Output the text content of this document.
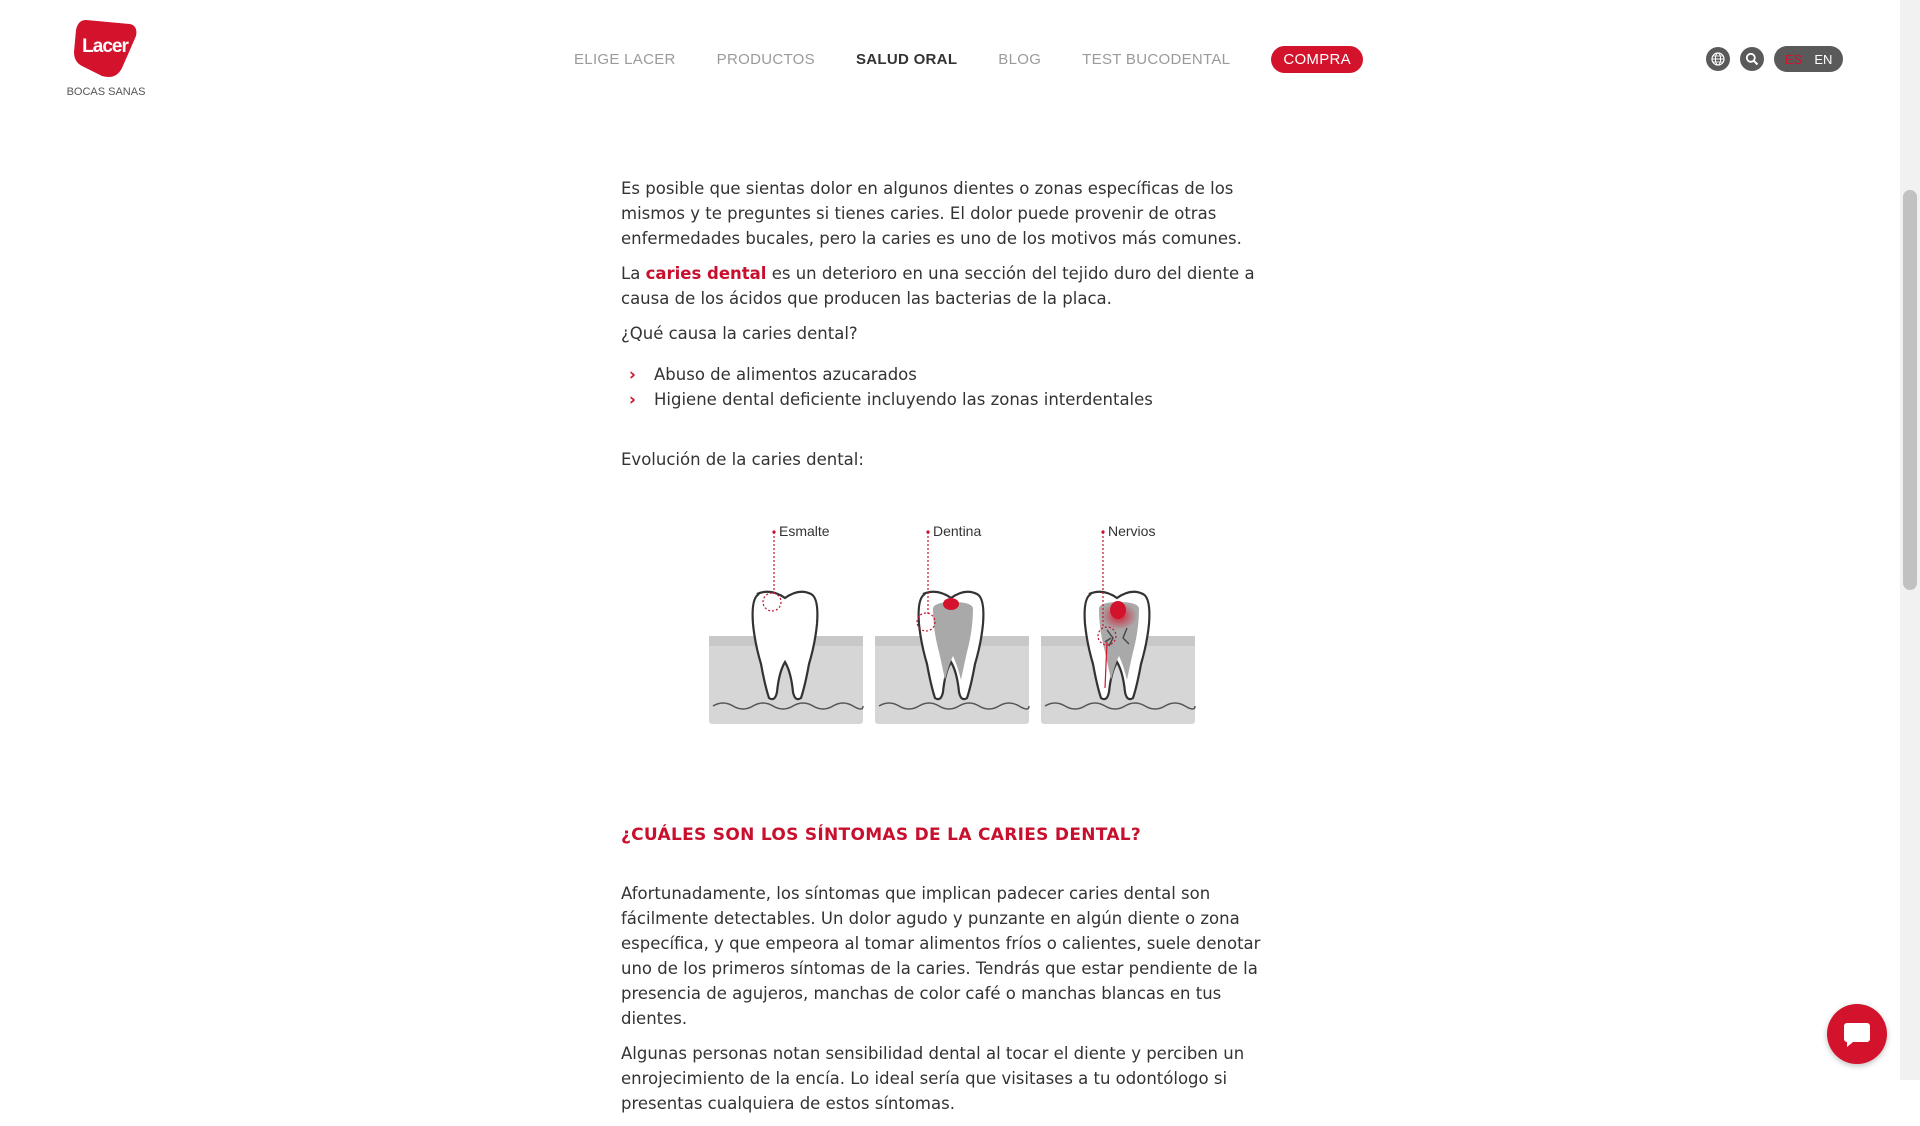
Lacer
BOCAS SANAS
ELIGE LACER	PRODUCTOS	SALUD ORAL	BLOG	TEST BUCODENTAL	COMPRA	ES EN

Es posible que sientas dolor en algunos dientes o zonas específicas de los mismos y te preguntes si tienes caries. El dolor puede provenir de otras enfermedades bucales, pero la caries es uno de los motivos más comunes.

La caries dental es un deterioro en una sección del tejido duro del diente a causa de los ácidos que producen las bacterias de la placa.

¿Qué causa la caries dental?

› Abuso de alimentos azucarados
› Higiene dental deficiente incluyendo las zonas interdentales

Evolución de la caries dental:

Esmalte	Dentina	Nervios
¿CUÁLES SON LOS SÍNTOMAS DE LA CARIES DENTAL?

Afortunadamente, los síntomas que implican padecer caries dental son fácilmente detectables. Un dolor agudo y punzante en algún diente o zona específica, y que empeora al tomar alimentos fríos o calientes, suele denotar uno de los primeros síntomas de la caries. Tendrás que estar pendiente de la presencia de agujeros, manchas de color café o manchas blancas en tus dientes.

Algunas personas notan sensibilidad dental al tocar el diente y perciben un enrojecimiento de la encía. Lo ideal sería que visitases a tu odontólogo si presentas cualquiera de estos síntomas.
